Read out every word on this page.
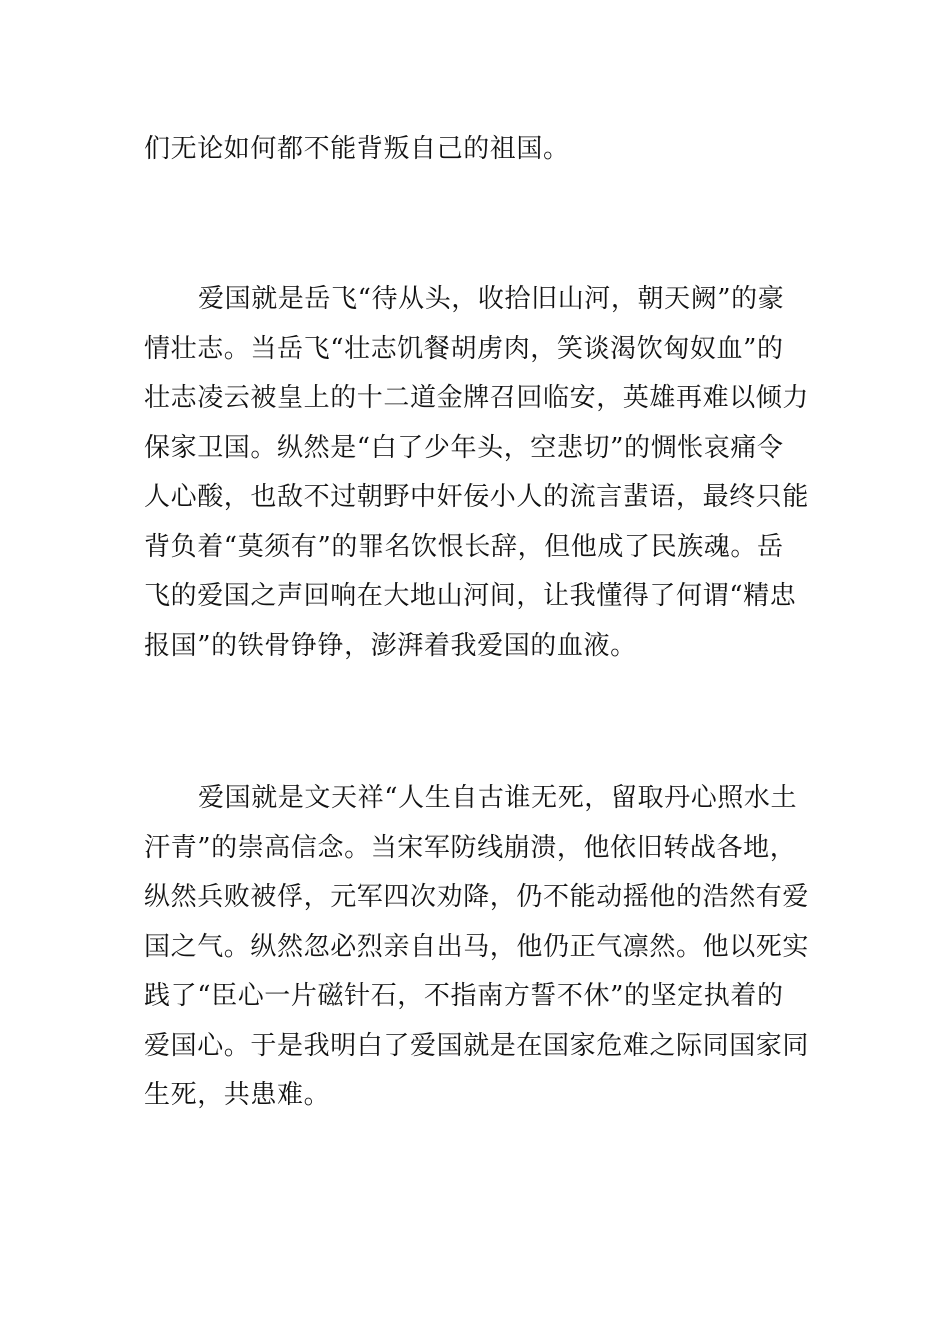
们无论如何都不能背叛自己的祖国。

爱国就是岳飞“待从头，收拾旧山河，朝天阙”的豪
情壮志。当岳飞“壮志饥餐胡虏肉，笑谈渴饮匈奴血”的
壮志凌云被皇上的十二道金牌召回临安，英雄再难以倾力
保家卫国。纵然是“白了少年头，空悲切”的惆怅哀痛令
人心酸，也敌不过朝野中奸佞小人的流言蜚语，最终只能
背负着“莫须有”的罪名饮恨长辞，但他成了民族魂。岳
飞的爱国之声回响在大地山河间，让我懂得了何谓“精忠
报国”的铁骨铮铮，澎湃着我爱国的血液。

爱国就是文天祥“人生自古谁无死，留取丹心照水土
汗青”的崇高信念。当宋军防线崩溃，他依旧转战各地，
纵然兵败被俘，元军四次劝降，仍不能动摇他的浩然有爱
国之气。纵然忽必烈亲自出马，他仍正气凛然。他以死实
践了“臣心一片磁针石，不指南方誓不休”的坚定执着的
爱国心。于是我明白了爱国就是在国家危难之际同国家同
生死，共患难。
